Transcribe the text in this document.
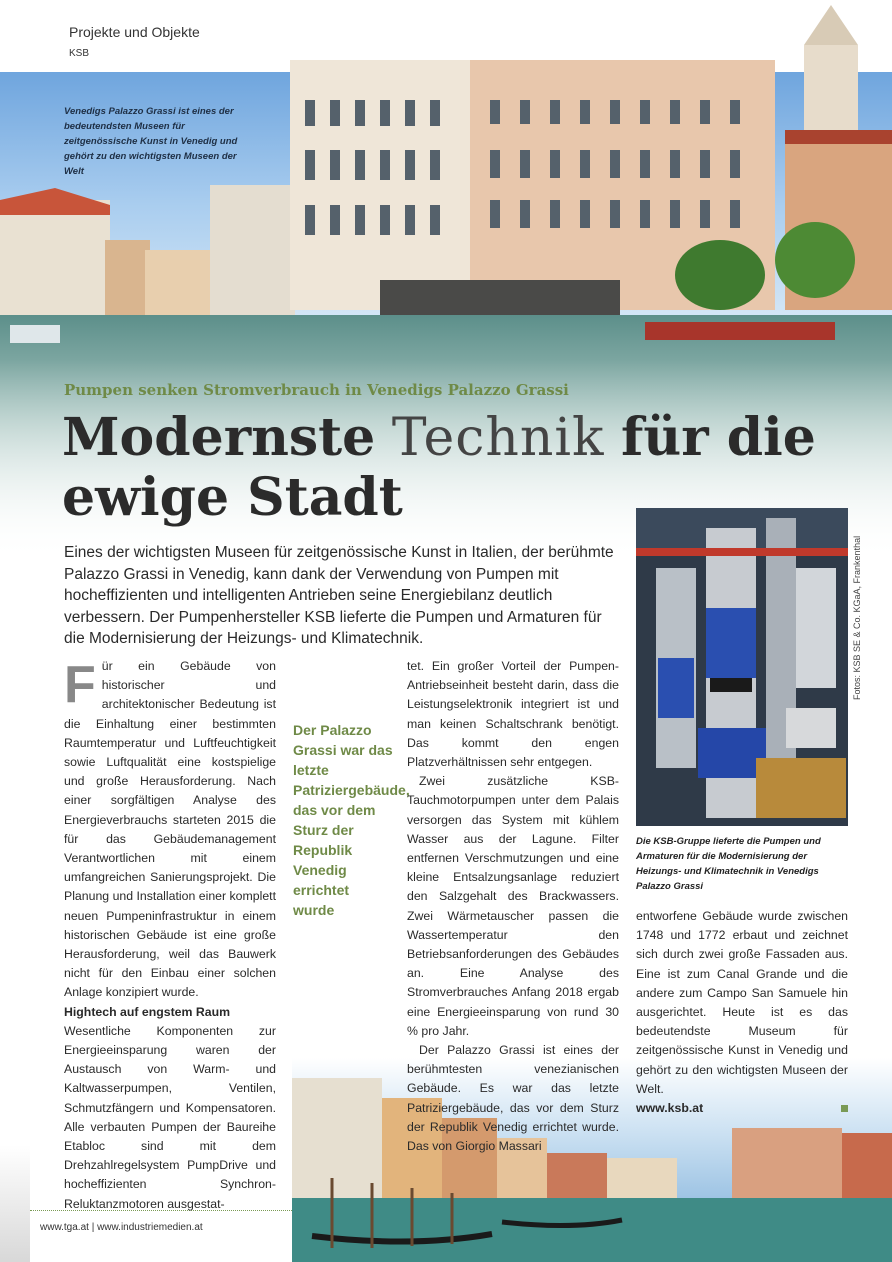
Projekte und Objekte
KSB
Venedigs Palazzo Grassi ist eines der bedeutendsten Museen für zeitgenössische Kunst in Venedig und gehört zu den wichtigsten Museen der Welt
Pumpen senken Stromverbrauch in Venedigs Palazzo Grassi
Modernste Technik für die
ewige Stadt
Eines der wichtigsten Museen für zeitgenössische Kunst in Italien, der berühmte Palazzo Grassi in Venedig, kann dank der Verwendung von Pumpen mit hocheffizienten und intelligenten Antrieben seine Energiebilanz deutlich verbessern. Der Pumpenhersteller KSB lieferte die Pumpen und Armaturen für die Modernisierung der Heizungs- und Klimatechnik.	Fotos: KSB SE & Co. KGaA, Frankenthal
Die KSB-Gruppe lieferte die Pumpen und Armaturen für die Modernisierung der Heizungs- und Klimatechnik in Venedigs Palazzo Grassi

Für ein Gebäude von historischer und architektonischer Bedeutung ist die Einhaltung einer bestimmten Raumtemperatur und Luftfeuchtigkeit sowie Luftqualität eine kostspielige und große Herausforderung. Nach einer sorgfältigen Analyse des Energieverbrauchs starteten 2015 die für das Gebäudemanagement Verantwortlichen mit einem umfangreichen Sanierungsprojekt. Die Planung und Installation einer komplett neuen Pumpeninfrastruktur in einem historischen Gebäude ist eine große Herausforderung, weil das Bauwerk nicht für den Einbau einer solchen Anlage konzipiert wurde.

Hightech auf engstem Raum

Wesentliche Komponenten zur Energieeinsparung waren der Austausch von Warm- und Kaltwasserpumpen, Ventilen, Schmutzfängern und Kompensatoren. Alle verbauten Pumpen der Baureihe Etabloc sind mit dem Drehzahlregelsystem PumpDrive und hocheffizienten Synchron-Reluktanzmotoren ausgestat-

Der Palazzo Grassi war das letzte Patriziergebäude, das vor dem Sturz der Republik Venedig errichtet wurde

tet. Ein großer Vorteil der Pumpen-Antriebseinheit besteht darin, dass die Leistungselektronik integriert ist und man keinen Schaltschrank benötigt. Das kommt den engen Platzverhältnissen sehr entgegen.

Zwei zusätzliche KSB-Tauchmotorpumpen unter dem Palais versorgen das System mit kühlem Wasser aus der Lagune. Filter entfernen Verschmutzungen und eine kleine Entsalzungsanlage reduziert den Salzgehalt des Brackwassers. Zwei Wärmetauscher passen die Wassertemperatur den Betriebsanforderungen des Gebäudes an. Eine Analyse des Stromverbrauches Anfang 2018 ergab eine Energieeinsparung von rund 30 % pro Jahr.

Der Palazzo Grassi ist eines der berühmtesten venezianischen Gebäude. Es war das letzte Patriziergebäude, das vor dem Sturz der Republik Venedig errichtet wurde. Das von Giorgio Massari

entworfene Gebäude wurde zwischen 1748 und 1772 erbaut und zeichnet sich durch zwei große Fassaden aus. Eine ist zum Canal Grande und die andere zum Campo San Samuele hin ausgerichtet. Heute ist es das bedeutendste Museum für zeitgenössische Kunst in Venedig und gehört zu den wichtigsten Museen der Welt.

www.ksb.at

www.tga.at | www.industriemedien.at
